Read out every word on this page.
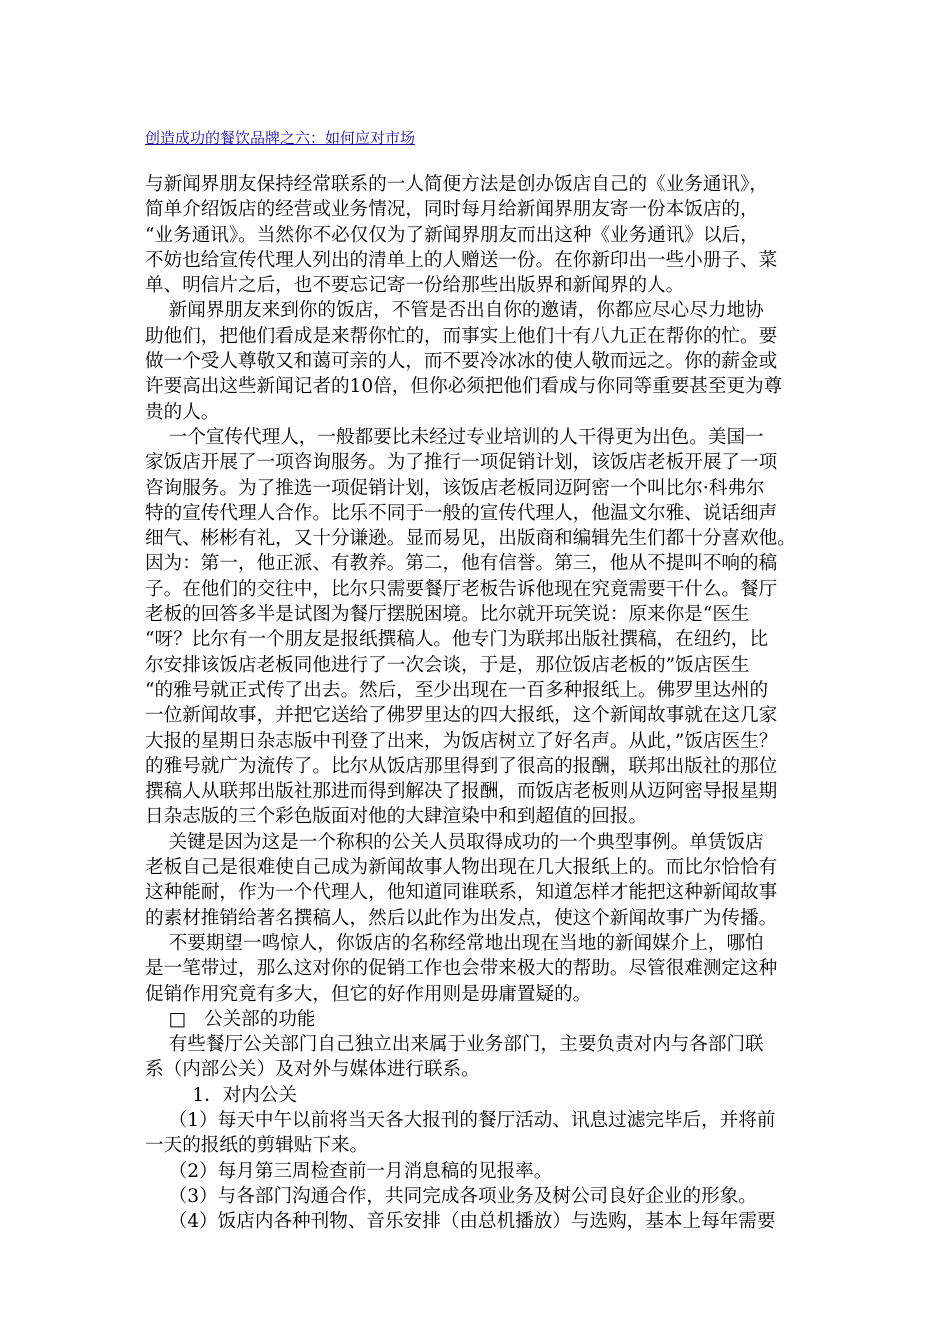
创造成功的餐饮品牌之六：如何应对市场
与新闻界朋友保持经常联系的一人简便方法是创办饭店自己的《业务通讯》，
简单介绍饭店的经营或业务情况，同时每月给新闻界朋友寄一份本饭店的，
“业务通讯》。当然你不必仅仅为了新闻界朋友而出这种《业务通讯》以后，
不妨也给宣传代理人列出的清单上的人赠送一份。在你新印出一些小册子、菜
单、明信片之后，也不要忘记寄一份给那些出版界和新闻界的人。
新闻界朋友来到你的饭店，不管是否出自你的邀请，你都应尽心尽力地协
助他们，把他们看成是来帮你忙的，而事实上他们十有八九正在帮你的忙。要
做一个受人尊敬又和蔼可亲的人，而不要冷冰冰的使人敬而远之。你的薪金或
许要高出这些新闻记者的10倍，但你必须把他们看成与你同等重要甚至更为尊
贵的人。
一个宣传代理人，一般都要比未经过专业培训的人干得更为出色。美国一
家饭店开展了一项咨询服务。为了推行一项促销计划，该饭店老板开展了一项
咨询服务。为了推选一项促销计划，该饭店老板同迈阿密一个叫比尔·科弗尔
特的宣传代理人合作。比乐不同于一般的宣传代理人，他温文尔雅、说话细声
细气、彬彬有礼，又十分谦逊。显而易见，出版商和编辑先生们都十分喜欢他。
因为：第一，他正派、有教养。第二，他有信誉。第三，他从不提叫不响的稿
子。在他们的交往中，比尔只需要餐厅老板告诉他现在究竟需要干什么。餐厅
老板的回答多半是试图为餐厅摆脱困境。比尔就开玩笑说：原来你是“医生
“呀？比尔有一个朋友是报纸撰稿人。他专门为联邦出版社撰稿，在纽约，比
尔安排该饭店老板同他进行了一次会谈，于是，那位饭店老板的”饭店医生
“的雅号就正式传了出去。然后，至少出现在一百多种报纸上。佛罗里达州的
一位新闻故事，并把它送给了佛罗里达的四大报纸，这个新闻故事就在这几家
大报的星期日杂志版中刊登了出来，为饭店树立了好名声。从此，”饭店医生？
的雅号就广为流传了。比尔从饭店那里得到了很高的报酬，联邦出版社的那位
撰稿人从联邦出版社那进而得到解决了报酬，而饭店老板则从迈阿密导报星期
日杂志版的三个彩色版面对他的大肆渲染中和到超值的回报。
关键是因为这是一个称积的公关人员取得成功的一个典型事例。单赁饭店
老板自己是很难使自己成为新闻故事人物出现在几大报纸上的。而比尔恰恰有
这种能耐，作为一个代理人，他知道同谁联系，知道怎样才能把这种新闻故事
的素材推销给著名撰稿人，然后以此作为出发点，使这个新闻故事广为传播。
不要期望一鸣惊人，你饭店的名称经常地出现在当地的新闻媒介上，哪怕
是一笔带过，那么这对你的促销工作也会带来极大的帮助。尽管很难测定这种
促销作用究竟有多大，但它的好作用则是毋庸置疑的。
□   公关部的功能
有些餐厅公关部门自己独立出来属于业务部门，主要负责对内与各部门联
系（内部公关）及对外与媒体进行联系。
1．对内公关
（1）每天中午以前将当天各大报刊的餐厅活动、讯息过滤完毕后，并将前
一天的报纸的剪辑贴下来。
（2）每月第三周检查前一月消息稿的见报率。
（3）与各部门沟通合作，共同完成各项业务及树公司良好企业的形象。
（4）饭店内各种刊物、音乐安排（由总机播放）与选购，基本上每年需要
